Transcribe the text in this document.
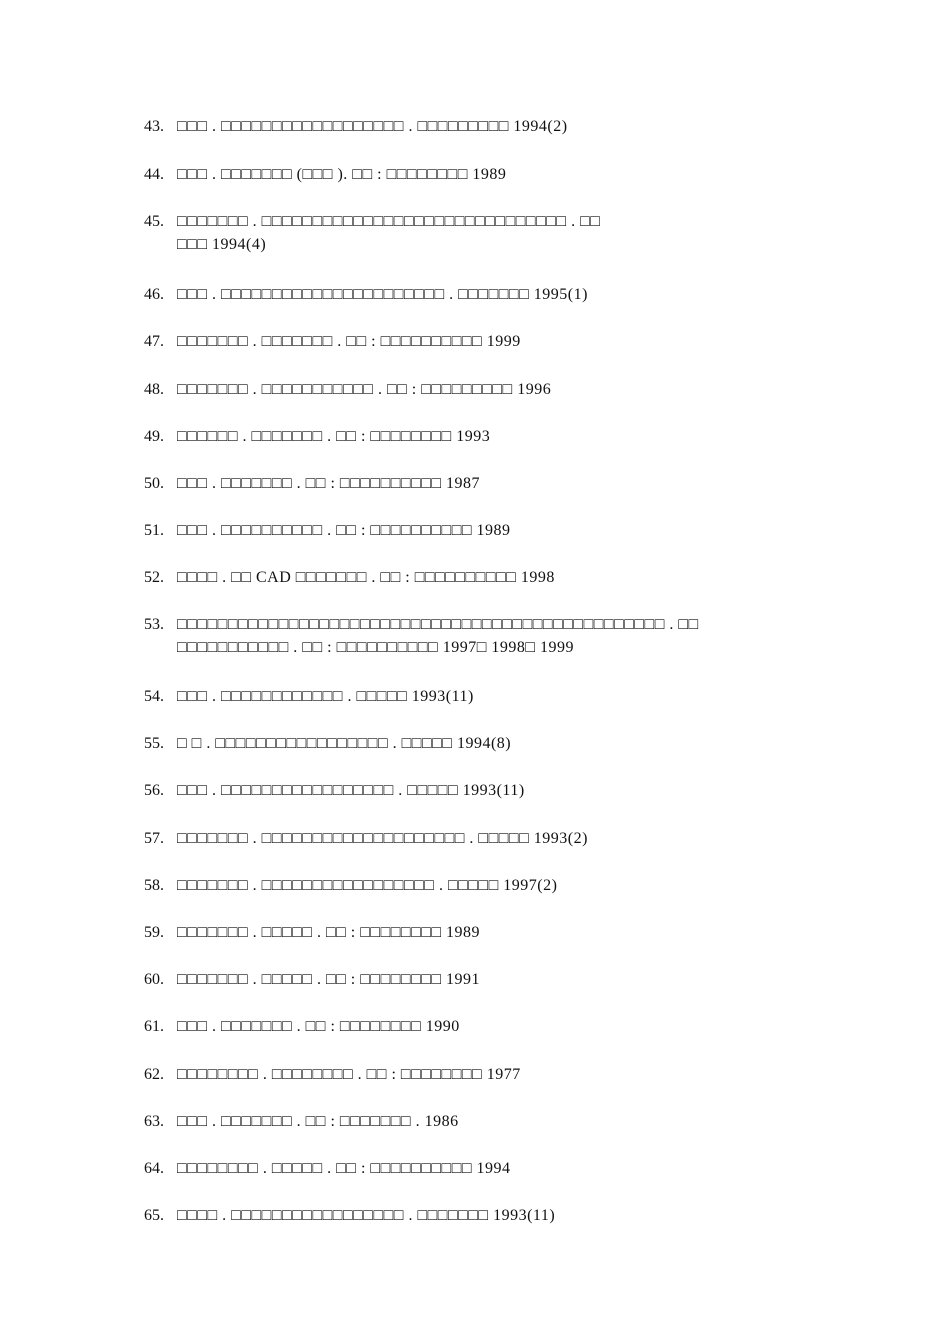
43. □□□ . □□□□□□□□□□□□□□□□□□ . □□□□□□□□□ 1994(2)
44. □□□ . □□□□□□□ (□□□ ). □□ : □□□□□□□□ 1989
45. □□□□□□□ . □□□□□□□□□□□□□□□□□□□□□□□□□□□□□□ . □□
□□□ 1994(4)
46. □□□ . □□□□□□□□□□□□□□□□□□□□□□ . □□□□□□□ 1995(1)
47. □□□□□□□ . □□□□□□□ . □□ : □□□□□□□□□□ 1999
48. □□□□□□□ . □□□□□□□□□□□ . □□ : □□□□□□□□□ 1996
49. □□□□□□ . □□□□□□□ . □□ : □□□□□□□□ 1993
50. □□□ . □□□□□□□ . □□ : □□□□□□□□□□ 1987
51. □□□ . □□□□□□□□□□ . □□ : □□□□□□□□□□ 1989
52. □□□□ . □□ CAD □□□□□□□ . □□ : □□□□□□□□□□ 1998
53. □□□□□□□□□□□□□□□□□□□□□□□□□□□□□□□□□□□□□□□□□□□□□□□□ . □□
□□□□□□□□□□□ . □□ : □□□□□□□□□□ 1997□ 1998□ 1999
54. □□□ . □□□□□□□□□□□□ . □□□□□ 1993(11)
55. □ □ . □□□□□□□□□□□□□□□□□ . □□□□□ 1994(8)
56. □□□ . □□□□□□□□□□□□□□□□□ . □□□□□ 1993(11)
57. □□□□□□□ . □□□□□□□□□□□□□□□□□□□□ . □□□□□ 1993(2)
58. □□□□□□□ . □□□□□□□□□□□□□□□□□ . □□□□□ 1997(2)
59. □□□□□□□ . □□□□□ . □□ : □□□□□□□□ 1989
60. □□□□□□□ . □□□□□ . □□ : □□□□□□□□ 1991
61. □□□ . □□□□□□□ . □□ : □□□□□□□□ 1990
62. □□□□□□□□ . □□□□□□□□ . □□ : □□□□□□□□ 1977
63. □□□ . □□□□□□□ . □□ : □□□□□□□ . 1986
64. □□□□□□□□ . □□□□□ . □□ : □□□□□□□□□□ 1994
65. □□□□ . □□□□□□□□□□□□□□□□□ . □□□□□□□ 1993(11)
